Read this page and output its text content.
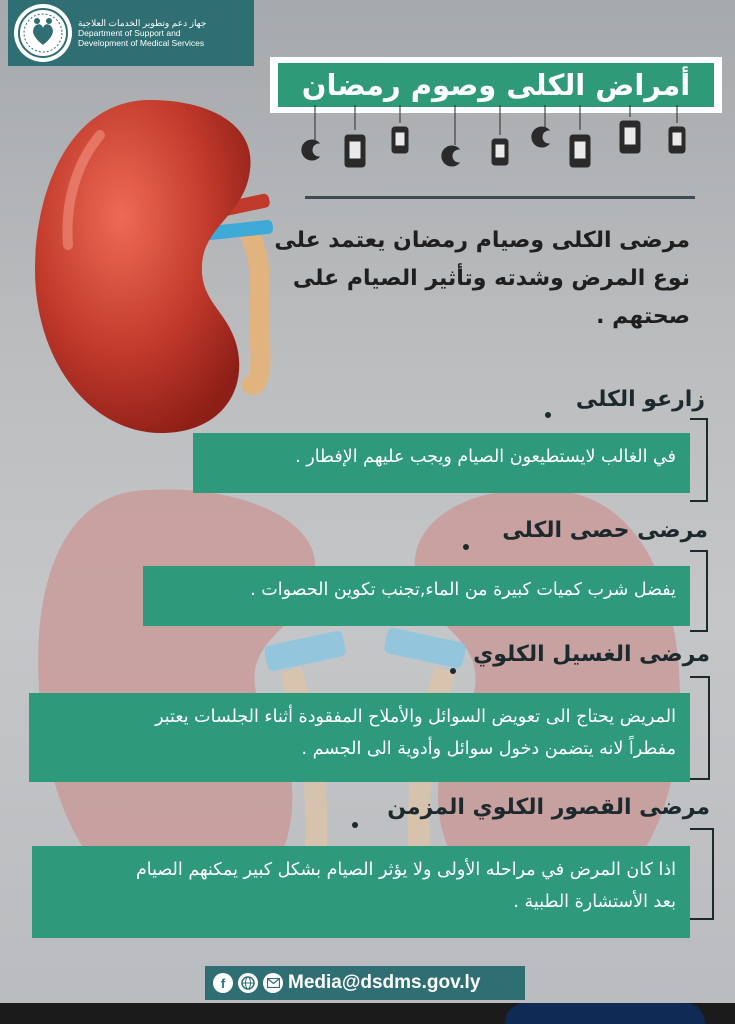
جهاز دعم وتطوير الخدمات العلاجية
Department of Support and
Development of Medical Services
أمراض الكلى وصوم رمضان
مرضى الكلى وصيام رمضان يعتمد على نوع المرض وشدته وتأثير الصيام على صحتهم .
زارعو الكلى
في الغالب لايستطيعون الصيام ويجب عليهم الإفطار .
مرضى حصى الكلى
يفضل شرب كميات كبيرة من الماء,تجنب تكوين الحصوات .
مرضى الغسيل الكلوي
المريض يحتاج الى تعويض السوائل والأملاح المفقودة أثناء الجلسات يعتبر
مفطراً لانه يتضمن دخول سوائل وأدوية الى الجسم .
مرضى القصور الكلوي المزمن
اذا كان المرض في مراحله الأولى ولا يؤثر الصيام بشكل كبير يمكنهم الصيام
بعد الأستشارة الطبية .
f	Media@dsdms.gov.ly
